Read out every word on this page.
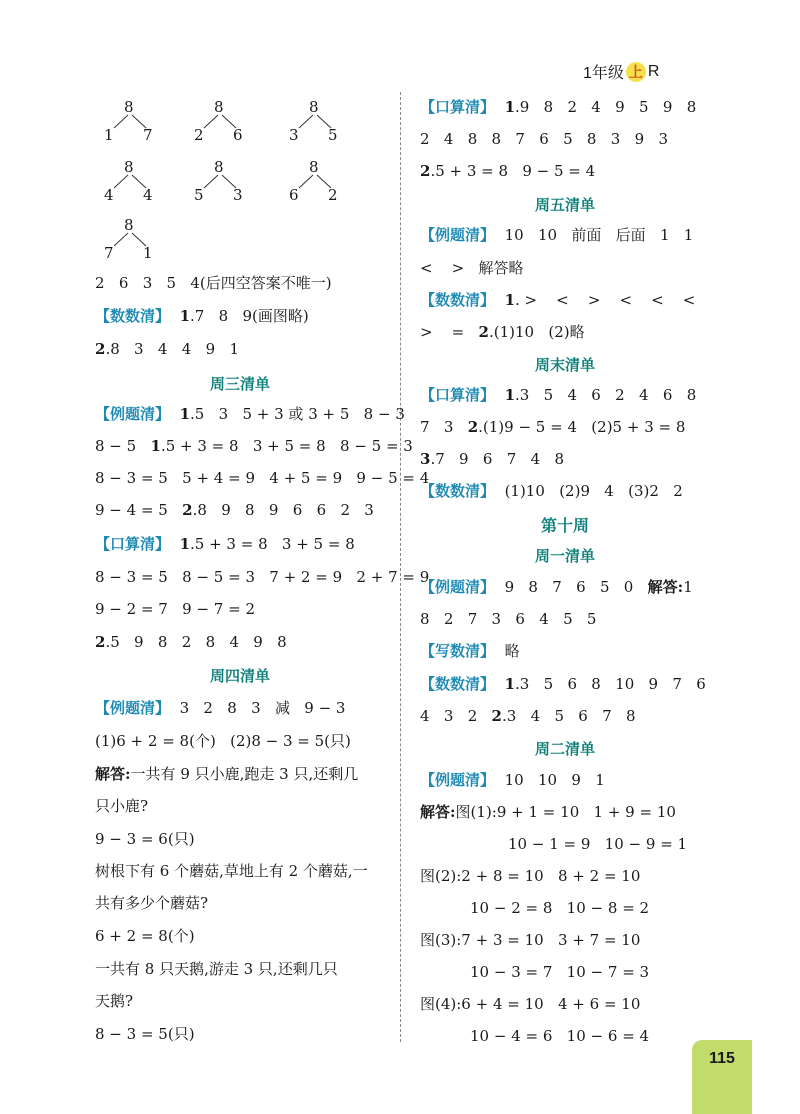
1年级 上 R
8
1 7
8
2 6
8
3 5
8
4 4
8
5 3
8
6 2
8
7 1
2   6   3   5   4(后四空答案不唯一)
【数数清】 1.7   8   9(画图略)
2.8   3   4   4   9   1
周三清单
【例题清】 1.5   3   5 + 3 或 3 + 5   8 − 3
8 − 5   1.5 + 3 = 8   3 + 5 = 8   8 − 5 = 3
8 − 3 = 5   5 + 4 = 9   4 + 5 = 9   9 − 5 = 4
9 − 4 = 5   2.8   9   8   9   6   6   2   3
【口算清】 1.5 + 3 = 8   3 + 5 = 8
8 − 3 = 5   8 − 5 = 3   7 + 2 = 9   2 + 7 = 9
9 − 2 = 7   9 − 7 = 2
2.5   9   8   2   8   4   9   8
周四清单
【例题清】 3   2   8   3   减   9 − 3
(1)6 + 2 = 8(个)   (2)8 − 3 = 5(只)
解答:一共有 9 只小鹿,跑走 3 只,还剩几
只小鹿?
9 − 3 = 6(只)
树根下有 6 个蘑菇,草地上有 2 个蘑菇,一
共有多少个蘑菇?
6 + 2 = 8(个)
一共有 8 只天鹅,游走 3 只,还剩几只
天鹅?
8 − 3 = 5(只)
【口算清】 1.9   8   2   4   9   5   9   8
2   4   8   8   7   6   5   8   3   9   3
2.5 + 3 = 8   9 − 5 = 4
周五清单
【例题清】 10   10   前面   后面   1   1
<    >   解答略
【数数清】 1. >    <    >    <    <    <
>    =   2.(1)10   (2)略
周末清单
【口算清】 1.3   5   4   6   2   4   6   8
7   3   2.(1)9 − 5 = 4   (2)5 + 3 = 8
3.7   9   6   7   4   8
【数数清】 (1)10   (2)9   4   (3)2   2
第十周
周一清单
【例题清】 9   8   7   6   5   0   解答:1
8   2   7   3   6   4   5   5
【写数清】 略
【数数清】 1.3   5   6   8   10   9   7   6
4   3   2   2.3   4   5   6   7   8
周二清单
【例题清】 10   10   9   1
解答:图(1):9 + 1 = 10   1 + 9 = 10
10 − 1 = 9   10 − 9 = 1
图(2):2 + 8 = 10   8 + 2 = 10
10 − 2 = 8   10 − 8 = 2
图(3):7 + 3 = 10   3 + 7 = 10
10 − 3 = 7   10 − 7 = 3
图(4):6 + 4 = 10   4 + 6 = 10
10 − 4 = 6   10 − 6 = 4
115
